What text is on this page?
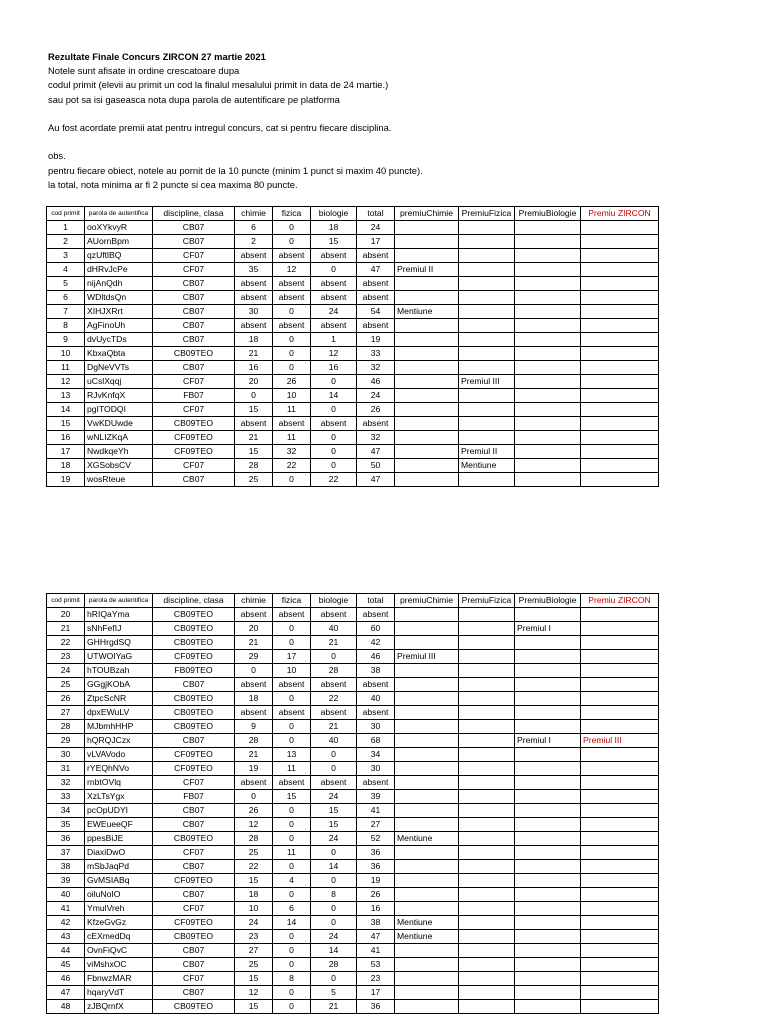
Rezultate Finale Concurs ZIRCON 27 martie 2021

Notele sunt afisate in ordine crescatoare dupa

codul primit (elevii au primit un cod la finalul mesalului primit in data de 24 martie.)

sau pot sa isi gaseasca nota dupa parola de autentificare pe platforma

Au fost acordate premii atat pentru intregul concurs, cat si pentru fiecare disciplina.

obs.

pentru fiecare obiect, notele au pornit de la 10 puncte (minim 1 punct si maxim 40 puncte).

la total, nota minima ar fi 2 puncte si cea maxima 80 puncte.

cod primit	parola de autentifica	discipline, clasa	chimie	fizica	biologie	total	premiuChimie	PremiuFizica	PremiuBiologie	Premiu ZIRCON
1	ooXYkvyR	CB07	6	0	18	24				
2	AUornBpm	CB07	2	0	15	17				
3	qzUftlBQ	CF07	absent	absent	absent	absent				
4	dHRvJcPe	CF07	35	12	0	47	Premiul II			
5	nijAnQdh	CB07	absent	absent	absent	absent				
6	WDltdsQn	CB07	absent	absent	absent	absent				
7	XIHJXRrt	CB07	30	0	24	54	Mentiune			
8	AgFinoUh	CB07	absent	absent	absent	absent				
9	dvUycTDs	CB07	18	0	1	19				
10	KbxaQbta	CB09TEO	21	0	12	33				
11	DgNeVVTs	CB07	16	0	16	32				
12	uCslXqqj	CF07	20	26	0	46		Premiul III		
13	RJvKnfqX	FB07	0	10	14	24				
14	pgITODQI	CF07	15	11	0	26				
15	VwKDUwde	CB09TEO	absent	absent	absent	absent				
16	wNLIZKqA	CF09TEO	21	11	0	32				
17	NwdkqeYh	CF09TEO	15	32	0	47		Premiul II		
18	XGSobsCV	CF07	28	22	0	50		Mentiune		
19	wosRteue	CB07	25	0	22	47				
cod primit	parola de autentifica	discipline, clasa	chimie	fizica	biologie	total	premiuChimie	PremiuFizica	PremiuBiologie	Premiu ZIRCON
20	hRIQaYma	CB09TEO	absent	absent	absent	absent				
21	sNhFefIJ	CB09TEO	20	0	40	60			Premiul I	
22	GHHrgdSQ	CB09TEO	21	0	21	42				
23	UTWOIYaG	CF09TEO	29	17	0	46	Premiul III			
24	hTOUBzah	FB09TEO	0	10	28	38				
25	GGgjKObA	CB07	absent	absent	absent	absent				
26	ZtpcScNR	CB09TEO	18	0	22	40				
27	dpxEWuLV	CB09TEO	absent	absent	absent	absent				
28	MJbmhHHP	CB09TEO	9	0	21	30				
29	hQRQJCzx	CB07	28	0	40	68			Premiul I	Premiul III
30	vLVAVodo	CF09TEO	21	13	0	34				
31	rYEQhNVo	CF09TEO	19	11	0	30				
32	rnbtOVlq	CF07	absent	absent	absent	absent				
33	XzLTsYgx	FB07	0	15	24	39				
34	pcOpUDYI	CB07	26	0	15	41				
35	EWEueeQF	CB07	12	0	15	27				
36	ppesBiJE	CB09TEO	28	0	24	52	Mentiune			
37	DiaxiDwO	CF07	25	11	0	36				
38	mSbJaqPd	CB07	22	0	14	36				
39	GvMSIABq	CF09TEO	15	4	0	19				
40	oiluNoIO	CB07	18	0	8	26				
41	YmulVreh	CF07	10	6	0	16				
42	KfzeGvGz	CF09TEO	24	14	0	38	Mentiune			
43	cEXmedDq	CB09TEO	23	0	24	47	Mentiune			
44	OvnFiQvC	CB07	27	0	14	41				
45	viMshxOC	CB07	25	0	28	53				
46	FbnwzMAR	CF07	15	8	0	23				
47	hqaryVdT	CB07	12	0	5	17				
48	zJBQrnfX	CB09TEO	15	0	21	36				
